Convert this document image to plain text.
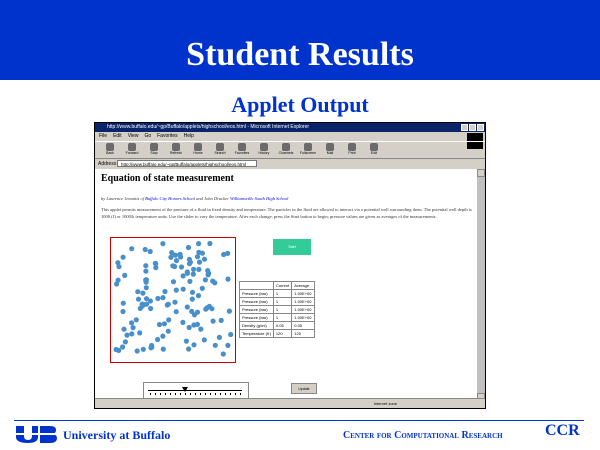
Student Results
Applet Output
http://www.buffalo.edu/~gp/Buffalo/applets/highschool/eos.html - Microsoft Internet Explorer
File Edit View Go Favorites Help
Back	Forward	Stop	Refresh	Home	Search	Favorites	History	Channels Fullscreen	Mail	Print	Edit
Address	http://www.buffalo.edu/~gp/Buffalo/applets/highschool/eos.html
Equation of state measurement
by Laurence Jemaitis of Buffalo City Honors School and John Drucker Williamsville South High School
This applet permits measurement of the pressure of a fluid in fixed density and temperature. The particles in the fluid are allowed to interact via a potential well surrounding them. The potential well depth is 1000 (J) or 1000/k temperature units. Use the slider to vary the temperature. After each change, press the Start button to begin; pressure values are given as averages of the measurements.
Start
	Current	Average
Pressure (bar)	1	1.00E+00
Pressure (bar)	1	1.00E+00
Pressure (bar)	1	1.00E+00
Pressure (bar)	1	1.00E+00
Density (g/ml)	0.05	0.05
Temperature (K)	120	120
Update
Internet zone
University at Buffalo	Center for Computational Research	CCR
